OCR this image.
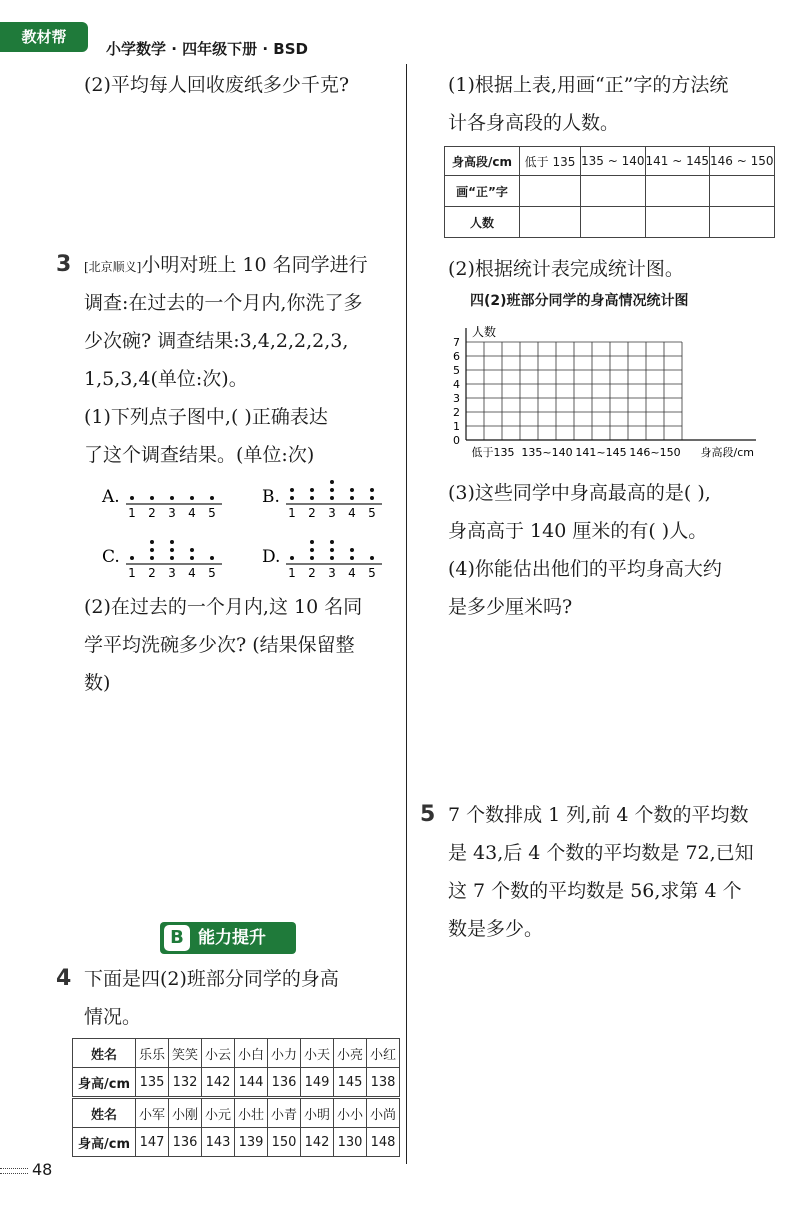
教材帮
小学数学 · 四年级下册 · BSD
(2)平均每人回收废纸多少千克?
3 [北京顺义]小明对班上 10 名同学进行
调查:在过去的一个月内,你洗了多
少次碗? 调查结果:3,4,2,2,2,3,
1,5,3,4(单位:次)。
(1)下列点子图中,( )正确表达
了这个调查结果。(单位:次)
A.
1 2 3 4 5
B.
1 2 3 4 5
C.
1 2 3 4 5
D.
1 2 3 4 5
(2)在过去的一个月内,这 10 名同
学平均洗碗多少次? (结果保留整
数)
B 能力提升
4 下面是四(2)班部分同学的身高
情况。
姓名	乐乐	笑笑	小云	小白	小力	小天	小亮	小红
身高/cm	135	132	142	144	136	149	145	138
姓名	小军	小刚	小元	小壮	小青	小明	小小	小尚
身高/cm	147	136	143	139	150	142	130	148
48
(1)根据上表,用画“正”字的方法统
计各身高段的人数。
身高段/cm	低于 135	135 ~ 140	141 ~ 145	146 ~ 150
画“正”字				
人数				
(2)根据统计表完成统计图。
四(2)班部分同学的身高情况统计图
0
1
2
3
4
5
6
7
人数
低于135 135~140 141~145 146~150 身高段/cm
(3)这些同学中身高最高的是( ),
身高高于 140 厘米的有( )人。
(4)你能估出他们的平均身高大约
是多少厘米吗?
5 7 个数排成 1 列,前 4 个数的平均数
是 43,后 4 个数的平均数是 72,已知
这 7 个数的平均数是 56,求第 4 个
数是多少。
